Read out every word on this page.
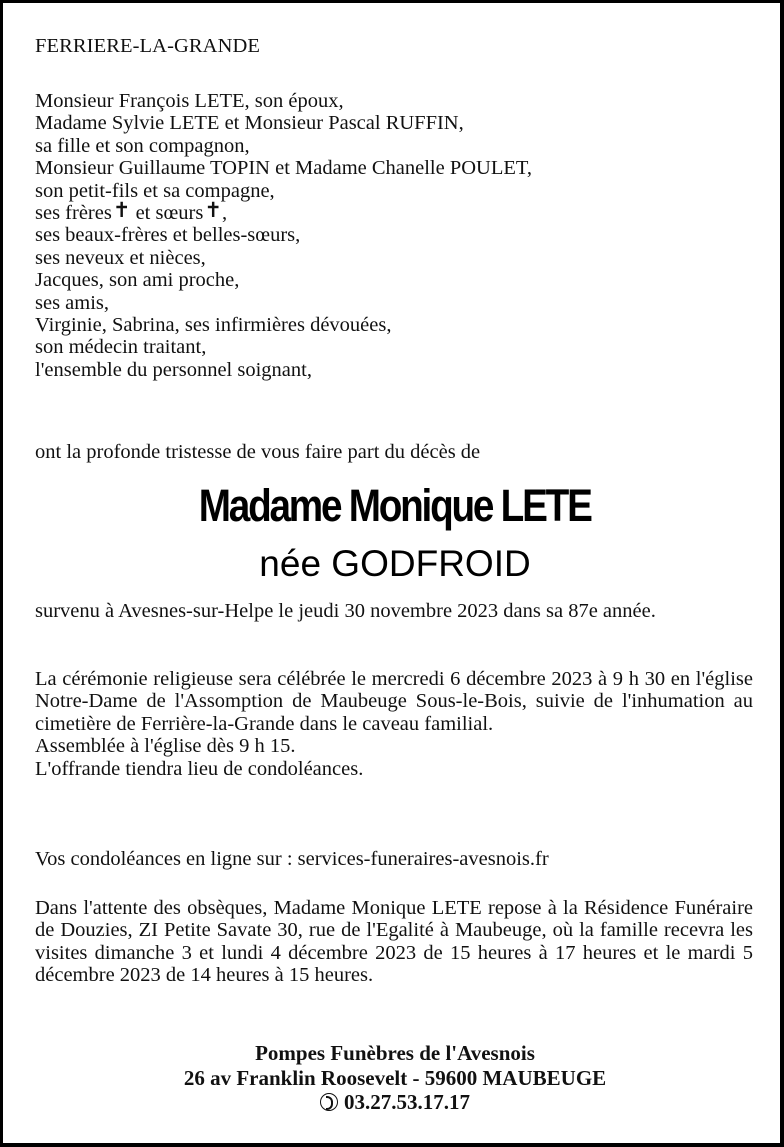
FERRIERE-LA-GRANDE
Monsieur François LETE, son époux,
Madame Sylvie LETE et Monsieur Pascal RUFFIN,
sa fille et son compagnon,
Monsieur Guillaume TOPIN et Madame Chanelle POULET,
son petit-fils et sa compagne,
ses frères✝ et sœurs✝,
ses beaux-frères et belles-sœurs,
ses neveux et nièces,
Jacques, son ami proche,
ses amis,
Virginie, Sabrina, ses infirmières dévouées,
son médecin traitant,
l'ensemble du personnel soignant,
ont la profonde tristesse de vous faire part du décès de
Madame Monique LETE
née GODFROID

survenu à Avesnes-sur-Helpe le jeudi 30 novembre 2023 dans sa 87e année.

La cérémonie religieuse sera célébrée le mercredi 6 décembre 2023 à 9 h 30 en l'église Notre-Dame de l'Assomption de Maubeuge Sous-le-Bois, suivie de l'inhumation au cimetière de Ferrière-la-Grande dans le caveau familial.
Assemblée à l'église dès 9 h 15.
L'offrande tiendra lieu de condoléances.
Vos condoléances en ligne sur : services-funeraires-avesnois.fr

Dans l'attente des obsèques, Madame Monique LETE repose à la Résidence Funéraire de Douzies, ZI Petite Savate 30, rue de l'Egalité à Maubeuge, où la famille recevra les visites dimanche 3 et lundi 4 décembre 2023 de 15 heures à 17 heures et le mardi 5 décembre 2023 de 14 heures à 15 heures.

Pompes Funèbres de l'Avesnois
26 av Franklin Roosevelt - 59600 MAUBEUGE
03.27.53.17.17
